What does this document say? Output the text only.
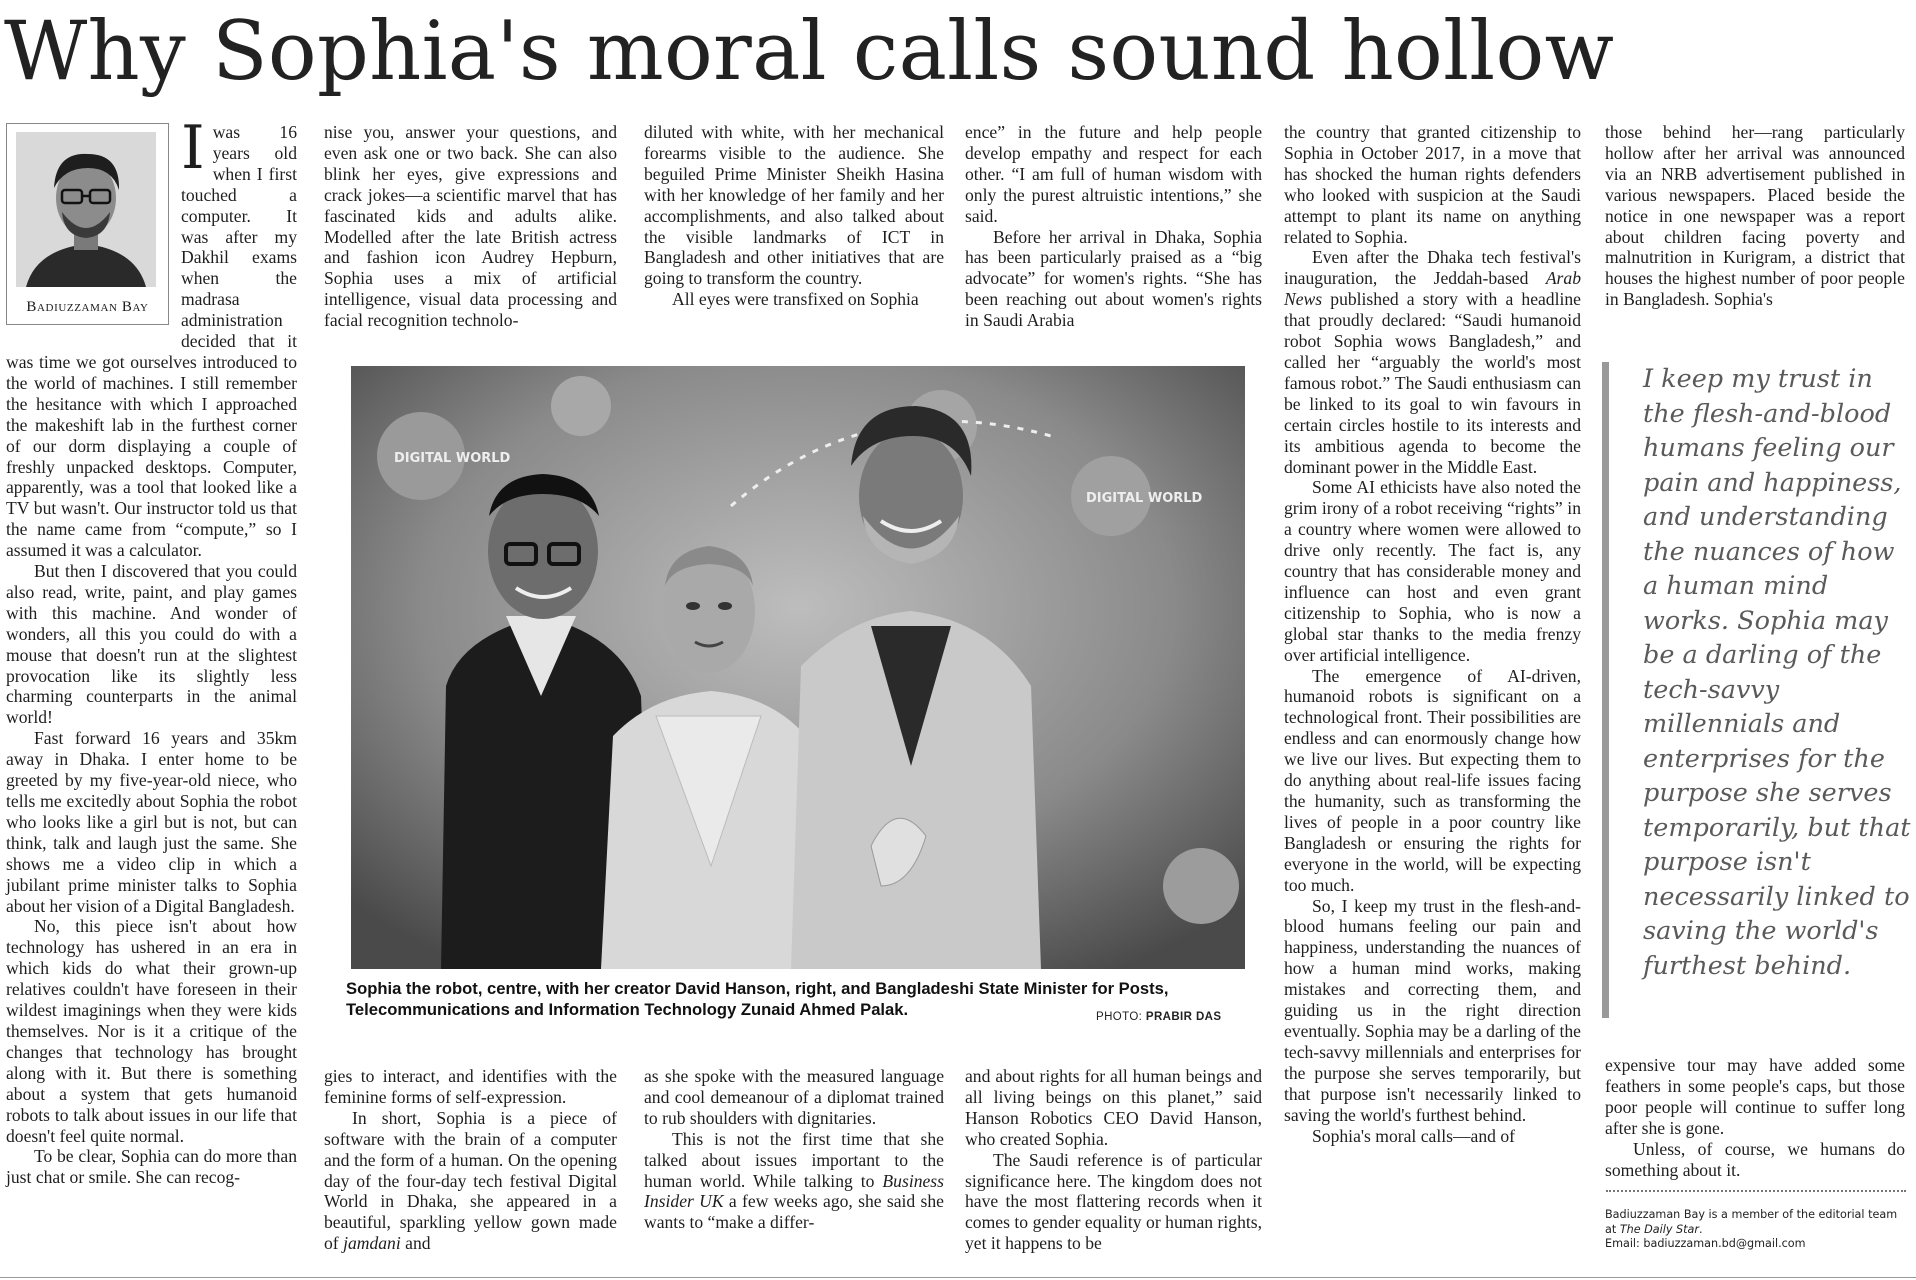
Why Sophia's moral calls sound hollow
Badiuzzaman Bay

Iwas 16 years old when I first touched a computer. It was after my Dakhil exams when the madrasa administration decided that it was time we got ourselves introduced to the world of machines. I still remember the hesitance with which I approached the makeshift lab in the furthest corner of our dorm displaying a couple of freshly unpacked desktops. Computer, apparently, was a tool that looked like a TV but wasn't. Our instructor told us that the name came from “compute,” so I assumed it was a calculator.

But then I discovered that you could also read, write, paint, and play games with this machine. And wonder of wonders, all this you could do with a mouse that doesn't run at the slightest provocation like its slightly less charming counterparts in the animal world!

Fast forward 16 years and 35km away in Dhaka. I enter home to be greeted by my five-year-old niece, who tells me excitedly about Sophia the robot who looks like a girl but is not, but can think, talk and laugh just the same. She shows me a video clip in which a jubilant prime minister talks to Sophia about her vision of a Digital Bangladesh.

No, this piece isn't about how technology has ushered in an era in which kids do what their grown-up relatives couldn't have foreseen in their wildest imaginings when they were kids themselves. Nor is it a critique of the changes that technology has brought along with it. But there is something about a system that gets humanoid robots to talk about issues in our life that doesn't feel quite normal.

To be clear, Sophia can do more than just chat or smile. She can recog-

nise you, answer your questions, and even ask one or two back. She can also blink her eyes, give expressions and crack jokes—a scientific marvel that has fascinated kids and adults alike. Modelled after the late British actress and fashion icon Audrey Hepburn, Sophia uses a mix of artificial intelligence, visual data processing and facial recognition technolo-

diluted with white, with her mechanical forearms visible to the audience. She beguiled Prime Minister Sheikh Hasina with her knowledge of her family and her accomplishments, and also talked about the visible landmarks of ICT in Bangladesh and other initiatives that are going to transform the country.

All eyes were transfixed on Sophia

ence” in the future and help people develop empathy and respect for each other. “I am full of human wisdom with only the purest altruistic intentions,” she said.

Before her arrival in Dhaka, Sophia has been particularly praised as a “big advocate” for women's rights. “She has been reaching out about women's rights in Saudi Arabia

DIGITAL WORLD
DIGITAL WORLD
Sophia the robot, centre, with her creator David Hanson, right, and Bangladeshi State Minister for Posts, Telecommunications and Information Technology Zunaid Ahmed Palak.	PHOTO: PRABIR DAS

gies to interact, and identifies with the feminine forms of self-expression.

In short, Sophia is a piece of software with the brain of a computer and the form of a human. On the opening day of the four-day tech festival Digital World in Dhaka, she appeared in a beautiful, sparkling yellow gown made of jamdani and

as she spoke with the measured language and cool demeanour of a diplomat trained to rub shoulders with dignitaries.

This is not the first time that she talked about issues important to the human world. While talking to Business Insider UK a few weeks ago, she said she wants to “make a differ-

and about rights for all human beings and all living beings on this planet,” said Hanson Robotics CEO David Hanson, who created Sophia.

The Saudi reference is of particular significance here. The kingdom does not have the most flattering records when it comes to gender equality or human rights, yet it happens to be

the country that granted citizenship to Sophia in October 2017, in a move that has shocked the human rights defenders who looked with suspicion at the Saudi attempt to plant its name on anything related to Sophia.

Even after the Dhaka tech festival's inauguration, the Jeddah-based Arab News published a story with a headline that proudly declared: “Saudi humanoid robot Sophia wows Bangladesh,” and called her “arguably the world's most famous robot.” The Saudi enthusiasm can be linked to its goal to win favours in certain circles hostile to its interests and its ambitious agenda to become the dominant power in the Middle East.

Some AI ethicists have also noted the grim irony of a robot receiving “rights” in a country where women were allowed to drive only recently. The fact is, any country that has considerable money and influence can host and even grant citizenship to Sophia, who is now a global star thanks to the media frenzy over artificial intelligence.

The emergence of AI-driven, humanoid robots is significant on a technological front. Their possibilities are endless and can enormously change how we live our lives. But expecting them to do anything about real-life issues facing the humanity, such as transforming the lives of people in a poor country like Bangladesh or ensuring the rights for everyone in the world, will be expecting too much.

So, I keep my trust in the flesh-and-blood humans feeling our pain and happiness, understanding the nuances of how a human mind works, making mistakes and correcting them, and guiding us in the right direction eventually. Sophia may be a darling of the tech-savvy millennials and enterprises for the purpose she serves temporarily, but that purpose isn't necessarily linked to saving the world's furthest behind.

Sophia's moral calls—and of

those behind her—rang particularly hollow after her arrival was announced via an NRB advertisement published in various newspapers. Placed beside the notice in one newspaper was a report about children facing poverty and malnutrition in Kurigram, a district that houses the highest number of poor people in Bangladesh. Sophia's

I keep my trust in the flesh-and-blood humans feeling our pain and happiness, and understanding the nuances of how a human mind works. Sophia may be a darling of the tech-savvy millennials and enterprises for the purpose she serves temporarily, but that purpose isn't necessarily linked to saving the world's furthest behind.

expensive tour may have added some feathers in some people's caps, but those poor people will continue to suffer long after she is gone.

Unless, of course, we humans do something about it.

Badiuzzaman Bay is a member of the editorial team at The Daily Star.
Email: badiuzzaman.bd@gmail.com
